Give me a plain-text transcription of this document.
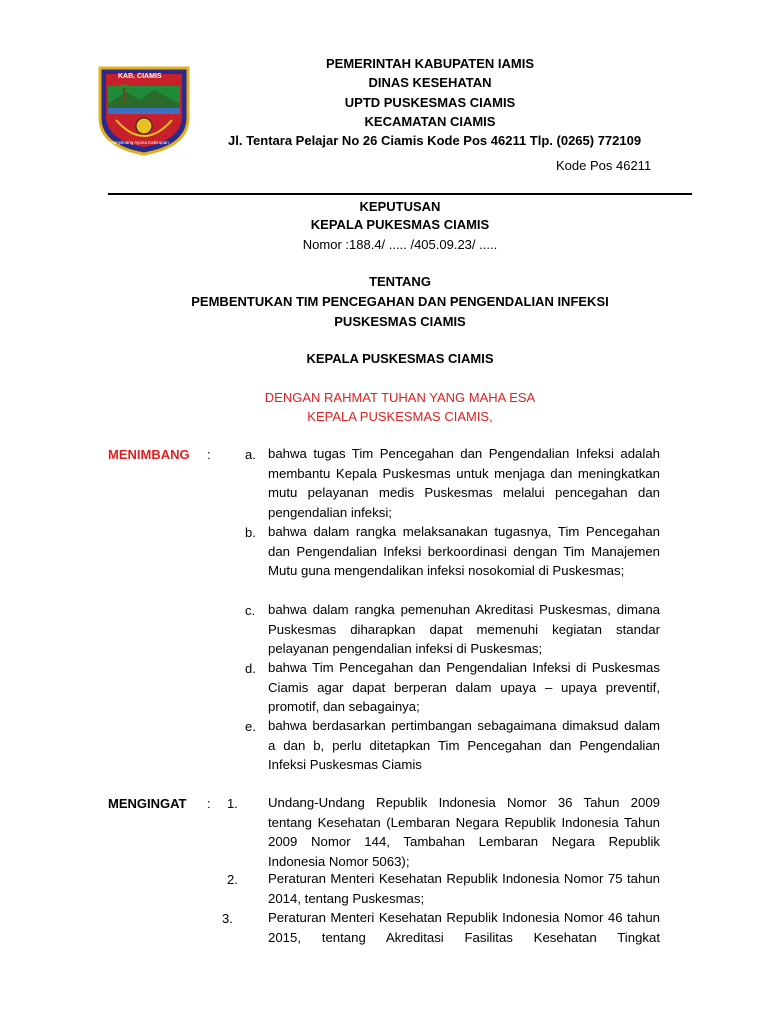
KAB. CIAMIS
Manyimang Ayuna Kahirupan
PEMERINTAH KABUPATEN IAMIS
DINAS KESEHATAN
UPTD PUSKESMAS CIAMIS
KECAMATAN CIAMIS
Jl. Tentara Pelajar No 26 Ciamis Kode Pos 46211 Tlp. (0265) 772109
Kode Pos 46211
KEPUTUSAN
KEPALA PUKESMAS CIAMIS
Nomor :188.4/ ..... /405.09.23/ .....
TENTANG
PEMBENTUKAN TIM PENCEGAHAN DAN PENGENDALIAN INFEKSI
PUSKESMAS CIAMIS
KEPALA PUSKESMAS CIAMIS
DENGAN RAHMAT TUHAN YANG MAHA ESA
KEPALA PUSKESMAS CIAMIS,
MENIMBANG :	a. bahwa tugas Tim Pencegahan dan Pengendalian Infeksi adalah membantu Kepala Puskesmas untuk menjaga dan meningkatkan mutu pelayanan medis Puskesmas melalui pencegahan dan pengendalian infeksi;
b. bahwa dalam rangka melaksanakan tugasnya, Tim Pencegahan dan Pengendalian Infeksi berkoordinasi dengan Tim Manajemen Mutu guna mengendalikan infeksi nosokomial di Puskesmas;
c. bahwa dalam rangka pemenuhan Akreditasi Puskesmas, dimana Puskesmas diharapkan dapat memenuhi kegiatan standar pelayanan pengendalian infeksi di Puskesmas;
d. bahwa Tim Pencegahan dan Pengendalian Infeksi di Puskesmas Ciamis agar dapat berperan dalam upaya – upaya preventif, promotif, dan sebagainya;
e. bahwa berdasarkan pertimbangan sebagaimana dimaksud dalam a dan b, perlu ditetapkan Tim Pencegahan dan Pengendalian Infeksi Puskesmas Ciamis
MENGINGAT : 1. Undang-Undang Republik Indonesia Nomor 36 Tahun 2009 tentang Kesehatan (Lembaran Negara Republik Indonesia Tahun 2009 Nomor 144, Tambahan Lembaran Negara Republik Indonesia Nomor 5063);
2. Peraturan Menteri Kesehatan Republik Indonesia Nomor 75 tahun 2014, tentang Puskesmas;
3.	Peraturan Menteri Kesehatan Republik Indonesia Nomor 46 tahun 2015, tentang Akreditasi Fasilitas Kesehatan Tingkat
